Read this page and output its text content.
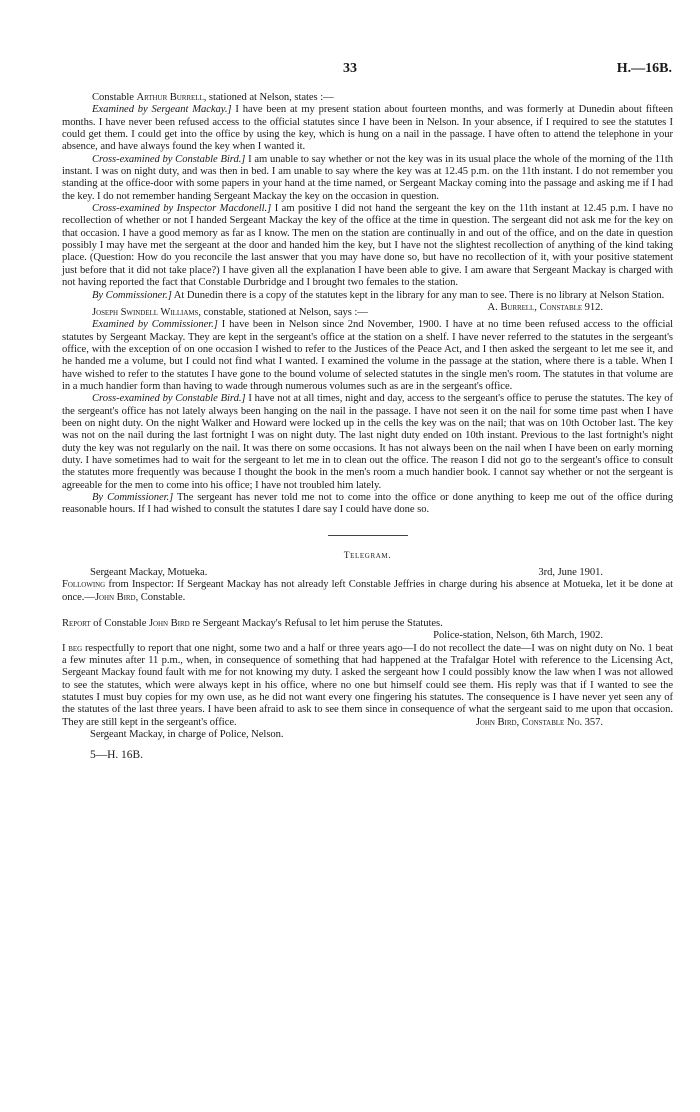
33	H.—16B.

Constable Arthur Burrell, stationed at Nelson, states :—

Examined by Sergeant Mackay.] I have been at my present station about fourteen months, and was formerly at Dunedin about fifteen months. I have never been refused access to the official statutes since I have been in Nelson. In your absence, if I required to see the statutes I could get them. I could get into the office by using the key, which is hung on a nail in the passage. I have often to attend the telephone in your absence, and have always found the key when I wanted it.

Cross-examined by Constable Bird.] I am unable to say whether or not the key was in its usual place the whole of the morning of the 11th instant. I was on night duty, and was then in bed. I am unable to say where the key was at 12.45 p.m. on the 11th instant. I do not remember you standing at the office-door with some papers in your hand at the time named, or Sergeant Mackay coming into the passage and asking me if I had the key. I do not remember handing Sergeant Mackay the key on the occasion in question.

Cross-examined by Inspector Macdonell.] I am positive I did not hand the sergeant the key on the 11th instant at 12.45 p.m. I have no recollection of whether or not I handed Sergeant Mackay the key of the office at the time in question. The sergeant did not ask me for the key on that occasion. I have a good memory as far as I know. The men on the station are continually in and out of the office, and on the date in question possibly I may have met the sergeant at the door and handed him the key, but I have not the slightest recollection of anything of the kind taking place. (Question: How do you reconcile the last answer that you may have done so, but have no recollection of it, with your positive statement just before that it did not take place?) I have given all the explanation I have been able to give. I am aware that Sergeant Mackay is charged with not having reported the fact that Constable Durbridge and I brought two females to the station.

By Commissioner.] At Dunedin there is a copy of the statutes kept in the library for any man to see. There is no library at Nelson Station.
A. Burrell, Constable 912.

Joseph Swindell Williams, constable, stationed at Nelson, says :—

Examined by Commissioner.] I have been in Nelson since 2nd November, 1900. I have at no time been refused access to the official statutes by Sergeant Mackay. They are kept in the sergeant's office at the station on a shelf. I have never referred to the statutes in the sergeant's office, with the exception of on one occasion I wished to refer to the Justices of the Peace Act, and I then asked the sergeant to let me see it, and he handed me a volume, but I could not find what I wanted. I examined the volume in the passage at the station, where there is a table. When I have wished to refer to the statutes I have gone to the bound volume of selected statutes in the single men's room. The statutes in that volume are in a much handier form than having to wade through numerous volumes such as are in the sergeant's office.

Cross-examined by Constable Bird.] I have not at all times, night and day, access to the sergeant's office to peruse the statutes. The key of the sergeant's office has not lately always been hanging on the nail in the passage. I have not seen it on the nail for some time past when I have been on night duty. On the night Walker and Howard were locked up in the cells the key was on the nail; that was on 10th October last. The key was not on the nail during the last fortnight I was on night duty. The last night duty ended on 10th instant. Previous to the last fortnight's night duty the key was not regularly on the nail. It was there on some occasions. It has not always been on the nail when I have been on early morning duty. I have sometimes had to wait for the sergeant to let me in to clean out the office. The reason I did not go to the sergeant's office to consult the statutes more frequently was because I thought the book in the men's room a much handier book. I cannot say whether or not the sergeant is agreeable for the men to come into his office; I have not troubled him lately.

By Commissioner.] The sergeant has never told me not to come into the office or done anything to keep me out of the office during reasonable hours. If I had wished to consult the statutes I dare say I could have done so.

Telegram.

Sergeant Mackay, Motueka.	3rd, June 1901.

Following from Inspector: If Sergeant Mackay has not already left Constable Jeffries in charge during his absence at Motueka, let it be done at once.—John Bird, Constable.

Report of Constable John Bird re Sergeant Mackay's Refusal to let him peruse the Statutes.

Police-station, Nelson, 6th March, 1902.

I beg respectfully to report that one night, some two and a half or three years ago—I do not recollect the date—I was on night duty on No. 1 beat a few minutes after 11 p.m., when, in consequence of something that had happened at the Trafalgar Hotel with reference to the Licensing Act, Sergeant Mackay found fault with me for not knowing my duty. I asked the sergeant how I could possibly know the law when I was not allowed to see the statutes, which were always kept in his office, where no one but himself could see them. His reply was that if I wanted to see the statutes I must buy copies for my own use, as he did not want every one fingering his statutes. The consequence is I have never yet seen any of the statutes of the last three years. I have been afraid to ask to see them since in consequence of what the sergeant said to me upon that occasion. They are still kept in the sergeant's office.	John Bird, Constable No. 357.

Sergeant Mackay, in charge of Police, Nelson.

5—H. 16B.
